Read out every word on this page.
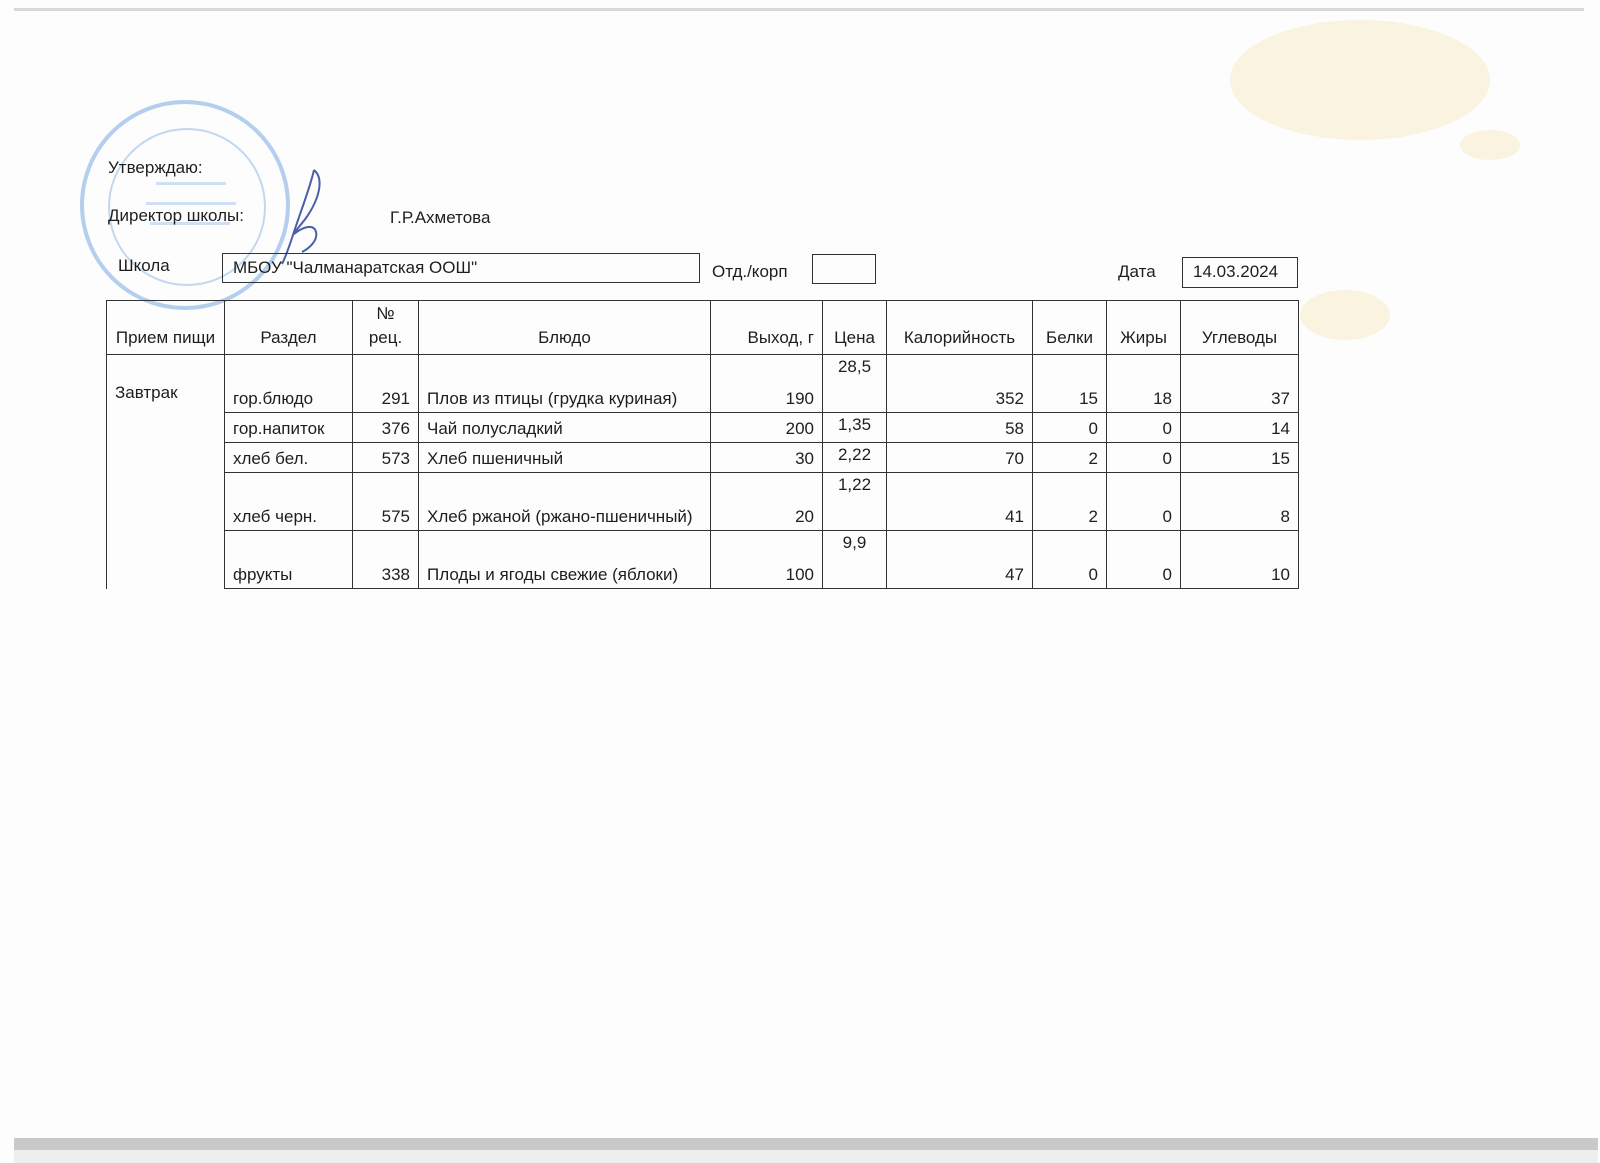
Утверждаю:
Директор школы:	Г.Р.Ахметова
Школа	МБОУ "Чалманаратская ООШ"	Отд./корп	Дата	14.03.2024
Прием пищи	Раздел	№ рец.	Блюдо	Выход, г	Цена	Калорийность	Белки	Жиры	Углеводы
Завтрак	гор.блюдо	291	Плов из птицы (грудка куриная)	190	28,5	352	15	18	37
	гор.напиток	376	Чай полусладкий	200	1,35	58	0	0	14
	хлеб бел.	573	Хлеб пшеничный	30	2,22	70	2	0	15
	хлеб черн.	575	Хлеб ржаной (ржано-пшеничный)	20	1,22	41	2	0	8
	фрукты	338	Плоды и ягоды свежие (яблоки)	100	9,9	47	0	0	10
